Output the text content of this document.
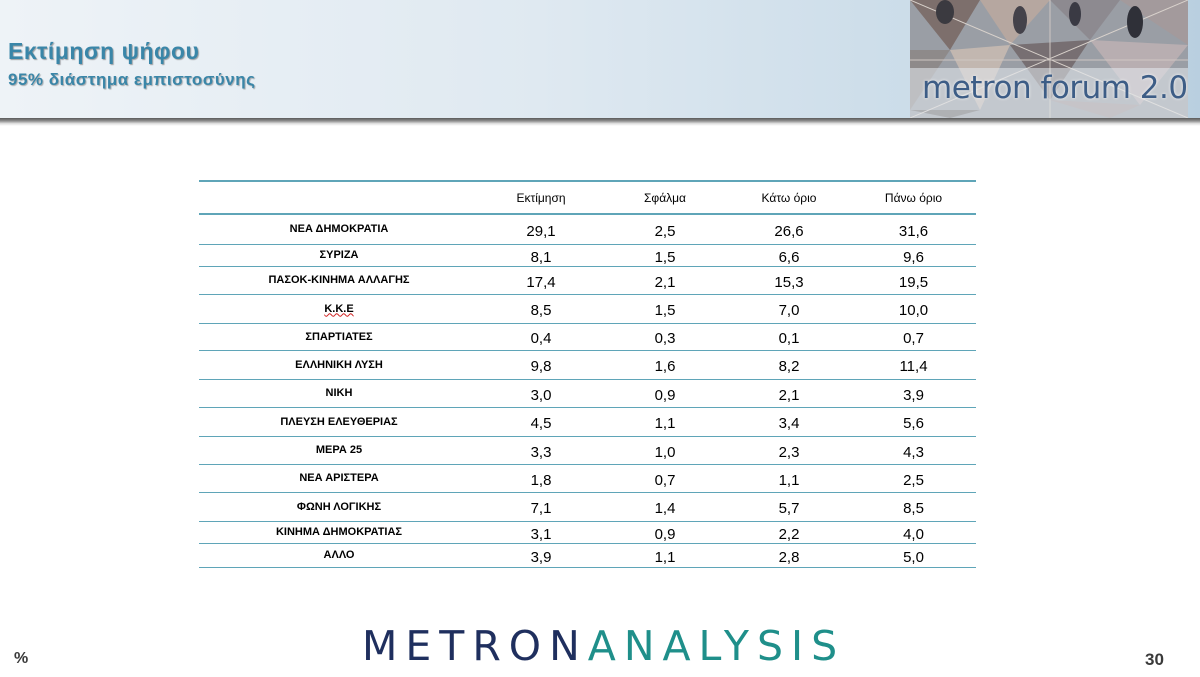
Εκτίμηση ψήφου
95% διάστημα εμπιστοσύνης	metron forum 2.0
	Εκτίμηση	Σφάλμα	Κάτω όριο	Πάνω όριο
ΝΕΑ ΔΗΜΟΚΡΑΤΙΑ	29,1	2,5	26,6	31,6
ΣΥΡΙΖΑ	8,1	1,5	6,6	9,6
ΠΑΣΟΚ-ΚΙΝΗΜΑ ΑΛΛΑΓΗΣ	17,4	2,1	15,3	19,5
Κ.Κ.Ε	8,5	1,5	7,0	10,0
ΣΠΑΡΤΙΑΤΕΣ	0,4	0,3	0,1	0,7
ΕΛΛΗΝΙΚΗ ΛΥΣΗ	9,8	1,6	8,2	11,4
ΝΙΚΗ	3,0	0,9	2,1	3,9
ΠΛΕΥΣΗ ΕΛΕΥΘΕΡΙΑΣ	4,5	1,1	3,4	5,6
ΜΕΡΑ 25	3,3	1,0	2,3	4,3
ΝΕΑ ΑΡΙΣΤΕΡΑ	1,8	0,7	1,1	2,5
ΦΩΝΗ ΛΟΓΙΚΗΣ	7,1	1,4	5,7	8,5
ΚΙΝΗΜΑ ΔΗΜΟΚΡΑΤΙΑΣ	3,1	0,9	2,2	4,0
ΑΛΛΟ	3,9	1,1	2,8	5,0
METRONANALYSIS
%	30
